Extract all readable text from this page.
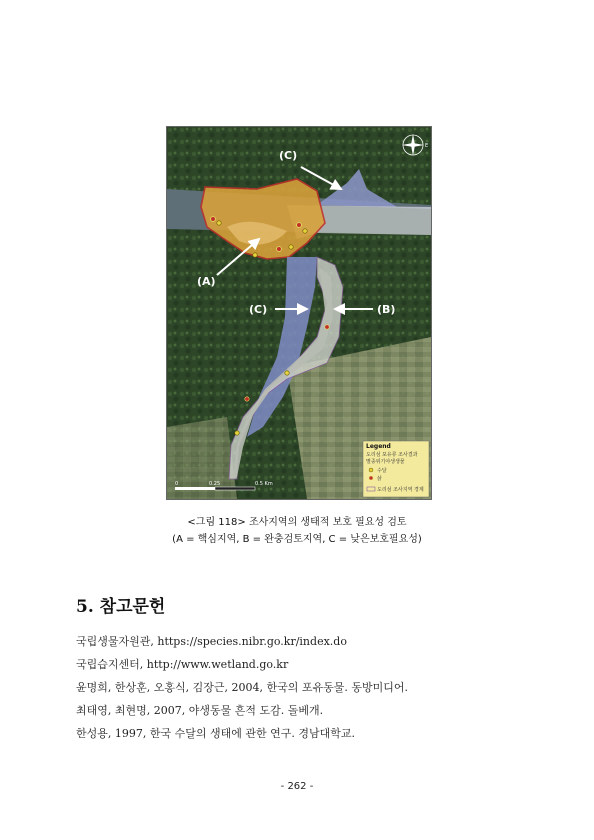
(C)
(A)
(C)	(B)
E
Legend
도리섬 포유류 조사결과
멸종위기야생생물
수달
삵
도리섬 조사지역 경계
0	0.25	0.5 Km
<그림 118> 조사지역의 생태적 보호 필요성 검토
(A = 핵심지역, B = 완충검토지역, C = 낮은보호필요성)
5. 참고문헌
국립생물자원관, https://species.nibr.go.kr/index.do
국립습지센터, http://www.wetland.go.kr
윤명희, 한상훈, 오홍식, 김장근, 2004, 한국의 포유동물. 동방미디어.
최태영, 최현명, 2007, 야생동물 흔적 도감. 돌베개.
한성용, 1997, 한국 수달의 생태에 관한 연구. 경남대학교.
- 262 -
